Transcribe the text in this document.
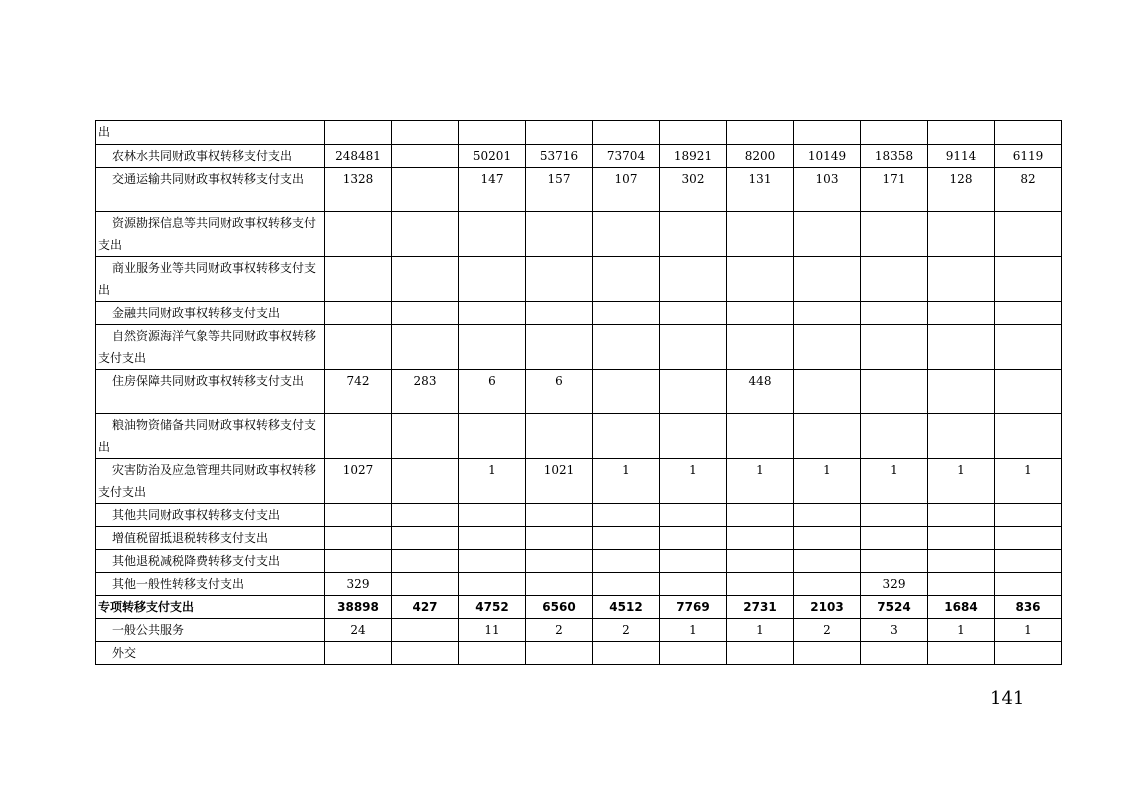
出											
农林水共同财政事权转移支付支出	248481		50201	53716	73704	18921	8200	10149	18358	9114	6119
交通运输共同财政事权转移支付支出	1328		147	157	107	302	131	103	171	128	82
资源勘探信息等共同财政事权转移支付支出											
商业服务业等共同财政事权转移支付支出											
金融共同财政事权转移支付支出											
自然资源海洋气象等共同财政事权转移支付支出											
住房保障共同财政事权转移支付支出	742	283	6	6			448				
粮油物资储备共同财政事权转移支付支出											
灾害防治及应急管理共同财政事权转移支付支出	1027		1	1021	1	1	1	1	1	1	1
其他共同财政事权转移支付支出											
增值税留抵退税转移支付支出											
其他退税减税降费转移支付支出											
其他一般性转移支付支出	329								329		
专项转移支付支出	38898	427	4752	6560	4512	7769	2731	2103	7524	1684	836
一般公共服务	24		11	2	2	1	1	2	3	1	1
外交											
141
